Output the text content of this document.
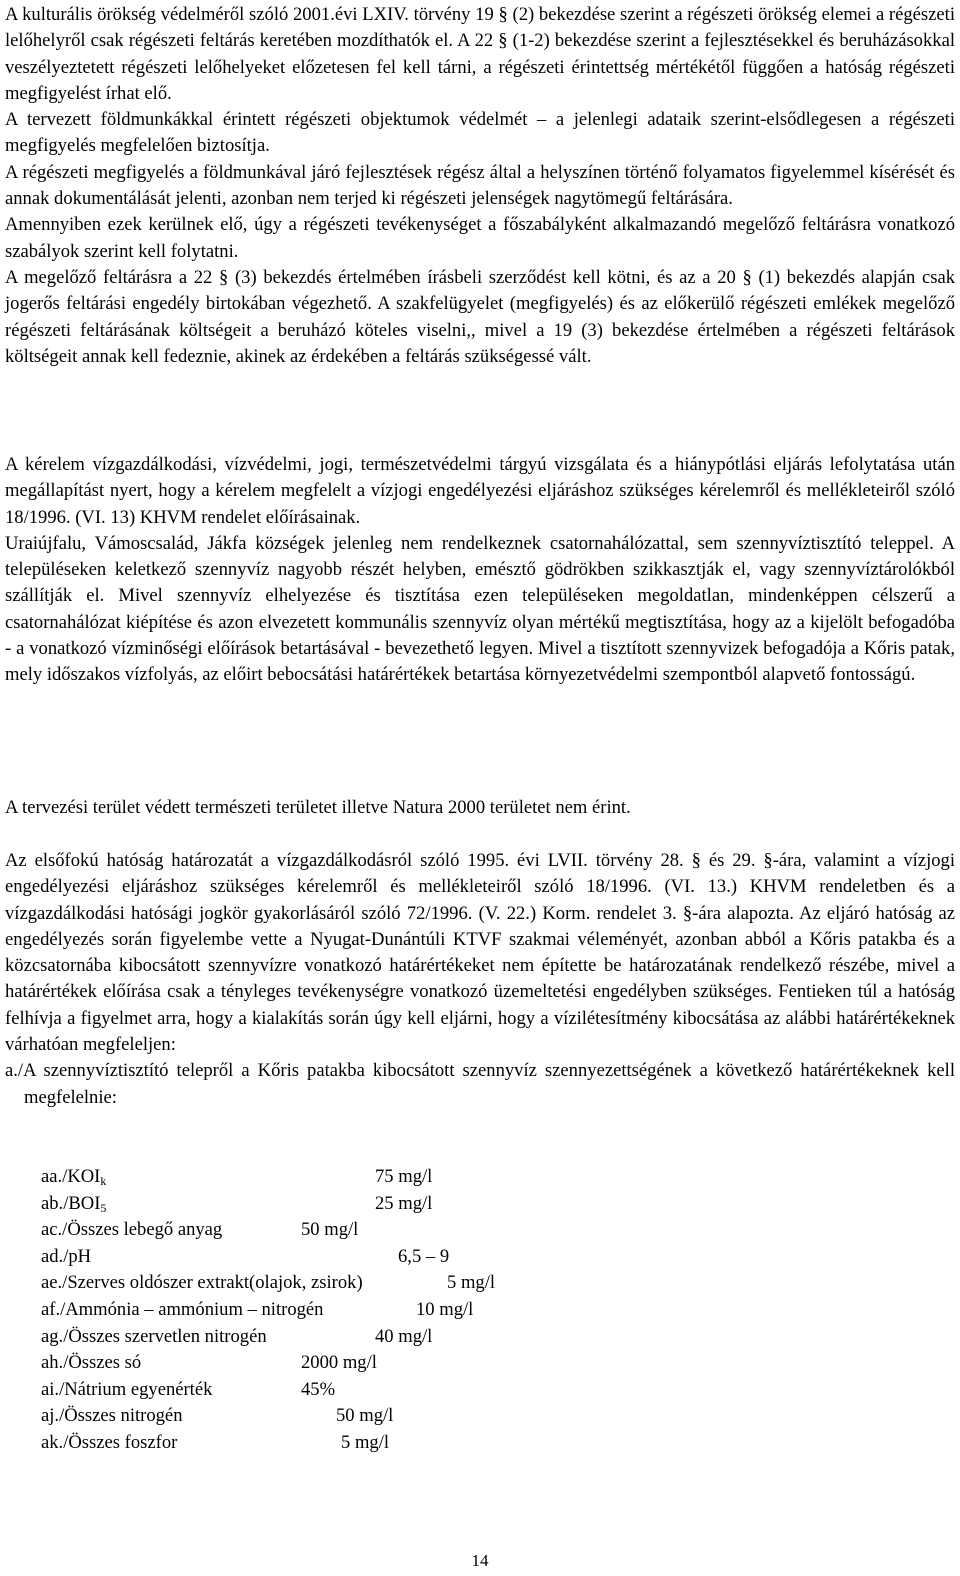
A kulturális örökség védelméről szóló 2001.évi LXIV. törvény 19 § (2) bekezdése szerint a régészeti örökség elemei a régészeti lelőhelyről csak régészeti feltárás keretében mozdíthatók el. A 22 § (1-2) bekezdése szerint a fejlesztésekkel és beruházásokkal veszélyeztetett régészeti lelőhelyeket előzetesen fel kell tárni, a régészeti érintettség mértékétől függően a hatóság régészeti megfigyelést írhat elő.

A tervezett földmunkákkal érintett régészeti objektumok védelmét – a jelenlegi adataik szerint-elsődlegesen a régészeti megfigyelés megfelelően biztosítja.

A régészeti megfigyelés a földmunkával járó fejlesztések régész által a helyszínen történő folyamatos figyelemmel kísérését és annak dokumentálását jelenti, azonban nem terjed ki régészeti jelenségek nagytömegű feltárására.

Amennyiben ezek kerülnek elő, úgy a régészeti tevékenységet a főszabályként alkalmazandó megelőző feltárásra vonatkozó szabályok szerint kell folytatni.

A megelőző feltárásra a 22 § (3) bekezdés értelmében írásbeli szerződést kell kötni, és az a 20 § (1) bekezdés alapján csak jogerős feltárási engedély birtokában végezhető. A szakfelügyelet (megfigyelés) és az előkerülő régészeti emlékek megelőző régészeti feltárásának költségeit a beruházó köteles viselni,, mivel a 19 (3) bekezdése értelmében a régészeti feltárások költségeit annak kell fedeznie, akinek az érdekében a feltárás szükségessé vált.

A kérelem vízgazdálkodási, vízvédelmi, jogi, természetvédelmi tárgyú vizsgálata és a hiánypótlási eljárás lefolytatása után megállapítást nyert, hogy a kérelem megfelelt a vízjogi engedélyezési eljáráshoz szükséges kérelemről és mellékleteiről szóló 18/1996. (VI. 13) KHVM rendelet előírásainak.

Uraiújfalu, Vámoscsalád, Jákfa községek jelenleg nem rendelkeznek csatornahálózattal, sem szennyvíztisztító teleppel. A településeken keletkező szennyvíz nagyobb részét helyben, emésztő gödrökben szikkasztják el, vagy szennyvíztárolókból szállítják el. Mivel szennyvíz elhelyezése és tisztítása ezen településeken megoldatlan, mindenképpen célszerű a csatornahálózat kiépítése és azon elvezetett kommunális szennyvíz olyan mértékű megtisztítása, hogy az a kijelölt befogadóba - a vonatkozó vízminőségi előírások betartásával - bevezethető legyen. Mivel a tisztított szennyvizek befogadója a Kőris patak, mely időszakos vízfolyás, az előirt bebocsátási határértékek betartása környezetvédelmi szempontból alapvető fontosságú.

A tervezési terület védett természeti területet illetve Natura 2000 területet nem érint.

Az elsőfokú hatóság határozatát a vízgazdálkodásról szóló 1995. évi LVII. törvény 28. § és 29. §-ára, valamint a vízjogi engedélyezési eljáráshoz szükséges kérelemről és mellékleteiről szóló 18/1996. (VI. 13.) KHVM rendeletben és a vízgazdálkodási hatósági jogkör gyakorlásáról szóló 72/1996. (V. 22.) Korm. rendelet 3. §-ára alapozta. Az eljáró hatóság az engedélyezés során figyelembe vette a Nyugat-Dunántúli KTVF szakmai véleményét, azonban abból a Kőris patakba és a közcsatornába kibocsátott szennyvízre vonatkozó határértékeket nem építette be határozatának rendelkező részébe, mivel a határértékek előírása csak a tényleges tevékenységre vonatkozó üzemeltetési engedélyben szükséges. Fentieken túl a hatóság felhívja a figyelmet arra, hogy a kialakítás során úgy kell eljárni, hogy a vízilétesítmény kibocsátása az alábbi határértékeknek várhatóan megfeleljen:

a./A szennyvíztisztító telepről a Kőris patakba kibocsátott szennyvíz szennyezettségének a következő határértékeknek kell megfelelnie:

$aa./KOI_k$	75 mg/l
$ab./BOI_5$	25 mg/l
ac./Összes lebegő anyag	50 mg/l
ad./pH	6,5 – 9
ae./Szerves oldószer extrakt(olajok, zsirok)	5 mg/l
af./Ammónia – ammónium – nitrogén	10 mg/l
ag./Összes szervetlen nitrogén	40 mg/l
ah./Összes só	2000 mg/l
ai./Nátrium egyenérték	45%
aj./Összes nitrogén	50 mg/l
ak./Összes foszfor	5 mg/l
14
